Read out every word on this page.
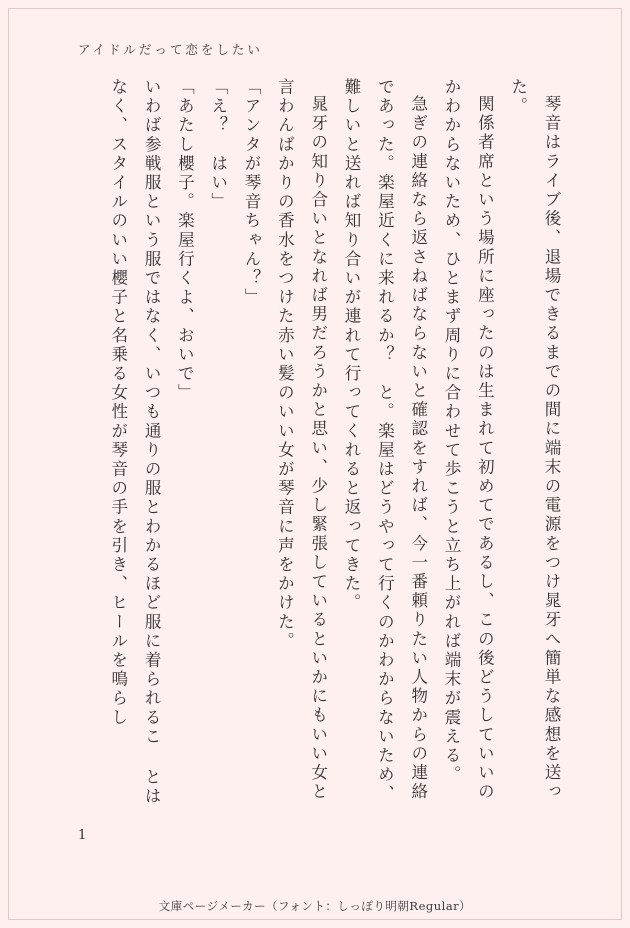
アイドルだって恋をしたい

琴音はライブ後、退場できるまでの間に端末の電源をつけ晁牙へ簡単な感想を送った。

関係者席という場所に座ったのは生まれて初めてであるし、この後どうしていいのかわからないため、ひとまず周りに合わせて歩こうと立ち上がれば端末が震える。

急ぎの連絡なら返さねばならないと確認をすれば、今一番頼りたい人物からの連絡であった。楽屋近くに来れるか？　と。楽屋はどうやって行くのかわからないため、難しいと送れば知り合いが連れて行ってくれると返ってきた。

晁牙の知り合いとなれば男だろうかと思い、少し緊張しているといかにもいい女と言わんばかりの香水をつけた赤い髪のいい女が琴音に声をかけた。

「アンタが琴音ちゃん？」

「え？　はい」

「あたし櫻子。楽屋行くよ、おいで」

いわば参戦服という服ではなく、いつも通りの服とわかるほど服に着られるこ とはなく、スタイルのいい櫻子と名乗る女性が琴音の手を引き、ヒールを鳴らし

1
文庫ページメーカー（フォント：しっぽり明朝Regular）
